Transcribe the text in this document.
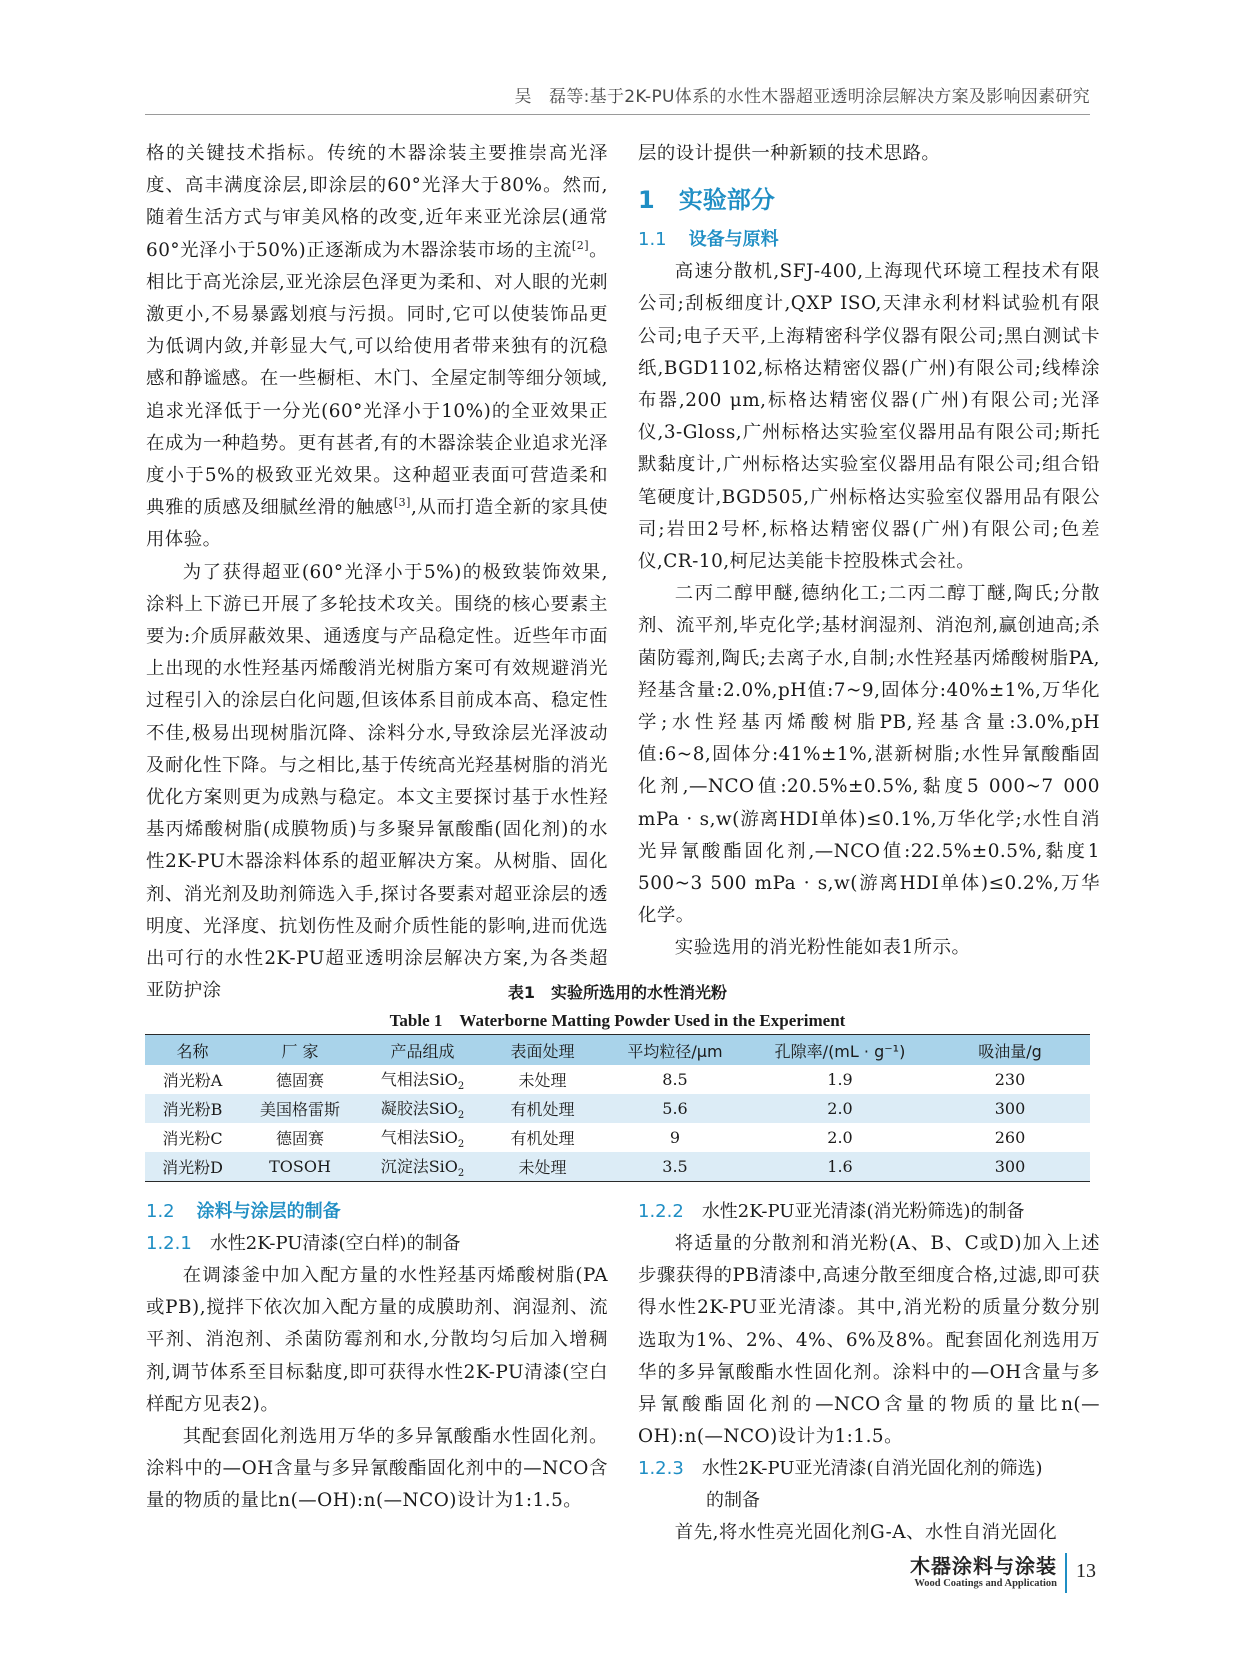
吴　磊等:基于2K-PU体系的水性木器超亚透明涂层解决方案及影响因素研究

格的关键技术指标。传统的木器涂装主要推崇高光泽度、高丰满度涂层,即涂层的60°光泽大于80%。然而,随着生活方式与审美风格的改变,近年来亚光涂层(通常60°光泽小于50%)正逐渐成为木器涂装市场的主流[2]。相比于高光涂层,亚光涂层色泽更为柔和、对人眼的光刺激更小,不易暴露划痕与污损。同时,它可以使装饰品更为低调内敛,并彰显大气,可以给使用者带来独有的沉稳感和静谧感。在一些橱柜、木门、全屋定制等细分领域,追求光泽低于一分光(60°光泽小于10%)的全亚效果正在成为一种趋势。更有甚者,有的木器涂装企业追求光泽度小于5%的极致亚光效果。这种超亚表面可营造柔和典雅的质感及细腻丝滑的触感[3],从而打造全新的家具使用体验。

为了获得超亚(60°光泽小于5%)的极致装饰效果,涂料上下游已开展了多轮技术攻关。围绕的核心要素主要为:介质屏蔽效果、通透度与产品稳定性。近些年市面上出现的水性羟基丙烯酸消光树脂方案可有效规避消光过程引入的涂层白化问题,但该体系目前成本高、稳定性不佳,极易出现树脂沉降、涂料分水,导致涂层光泽波动及耐化性下降。与之相比,基于传统高光羟基树脂的消光优化方案则更为成熟与稳定。本文主要探讨基于水性羟基丙烯酸树脂(成膜物质)与多聚异氰酸酯(固化剂)的水性2K-PU木器涂料体系的超亚解决方案。从树脂、固化剂、消光剂及助剂筛选入手,探讨各要素对超亚涂层的透明度、光泽度、抗划伤性及耐介质性能的影响,进而优选出可行的水性2K-PU超亚透明涂层解决方案,为各类超亚防护涂

层的设计提供一种新颖的技术思路。

1 实验部分
1.1 设备与原料

高速分散机,SFJ-400,上海现代环境工程技术有限公司;刮板细度计,QXP ISO,天津永利材料试验机有限公司;电子天平,上海精密科学仪器有限公司;黑白测试卡纸,BGD1102,标格达精密仪器(广州)有限公司;线棒涂布器,200 μm,标格达精密仪器(广州)有限公司;光泽仪,3-Gloss,广州标格达实验室仪器用品有限公司;斯托默黏度计,广州标格达实验室仪器用品有限公司;组合铅笔硬度计,BGD505,广州标格达实验室仪器用品有限公司;岩田2号杯,标格达精密仪器(广州)有限公司;色差仪,CR-10,柯尼达美能卡控股株式会社。

二丙二醇甲醚,德纳化工;二丙二醇丁醚,陶氏;分散剂、流平剂,毕克化学;基材润湿剂、消泡剂,赢创迪高;杀菌防霉剂,陶氏;去离子水,自制;水性羟基丙烯酸树脂PA,羟基含量:2.0%,pH值:7~9,固体分:40%±1%,万华化学;水性羟基丙烯酸树脂PB,羟基含量:3.0%,pH值:6~8,固体分:41%±1%,湛新树脂;水性异氰酸酯固化剂,—NCO值:20.5%±0.5%,黏度5 000~7 000 mPa · s,w(游离HDI单体)≤0.1%,万华化学;水性自消光异氰酸酯固化剂,—NCO值:22.5%±0.5%,黏度1 500~3 500 mPa · s,w(游离HDI单体)≤0.2%,万华化学。

实验选用的消光粉性能如表1所示。

表1　实验所选用的水性消光粉
Table 1　Waterborne Matting Powder Used in the Experiment
名称	厂 家	产品组成	表面处理	平均粒径/μm	孔隙率/(mL · g⁻¹)	吸油量/g
消光粉A	德固赛	气相法SiO$_2$	未处理	8.5	1.9	230
消光粉B	美国格雷斯	凝胶法SiO$_2$	有机处理	5.6	2.0	300
消光粉C	德固赛	气相法SiO$_2$	有机处理	9	2.0	260
消光粉D	TOSOH	沉淀法SiO$_2$	未处理	3.5	1.6	300
1.2 涂料与涂层的制备
1.2.1 水性2K-PU清漆(空白样)的制备

在调漆釜中加入配方量的水性羟基丙烯酸树脂(PA或PB),搅拌下依次加入配方量的成膜助剂、润湿剂、流平剂、消泡剂、杀菌防霉剂和水,分散均匀后加入增稠剂,调节体系至目标黏度,即可获得水性2K-PU清漆(空白样配方见表2)。

其配套固化剂选用万华的多异氰酸酯水性固化剂。涂料中的—OH含量与多异氰酸酯固化剂中的—NCO含量的物质的量比n(—OH):n(—NCO)设计为1:1.5。

1.2.2 水性2K-PU亚光清漆(消光粉筛选)的制备

将适量的分散剂和消光粉(A、B、C或D)加入上述步骤获得的PB清漆中,高速分散至细度合格,过滤,即可获得水性2K-PU亚光清漆。其中,消光粉的质量分数分别选取为1%、2%、4%、6%及8%。配套固化剂选用万华的多异氰酸酯水性固化剂。涂料中的—OH含量与多异氰酸酯固化剂的—NCO含量的物质的量比n(—OH):n(—NCO)设计为1:1.5。

1.2.3 水性2K-PU亚光清漆(自消光固化剂的筛选)
的制备

首先,将水性亮光固化剂G-A、水性自消光固化

木器涂料与涂装
Wood Coatings and Application
13
